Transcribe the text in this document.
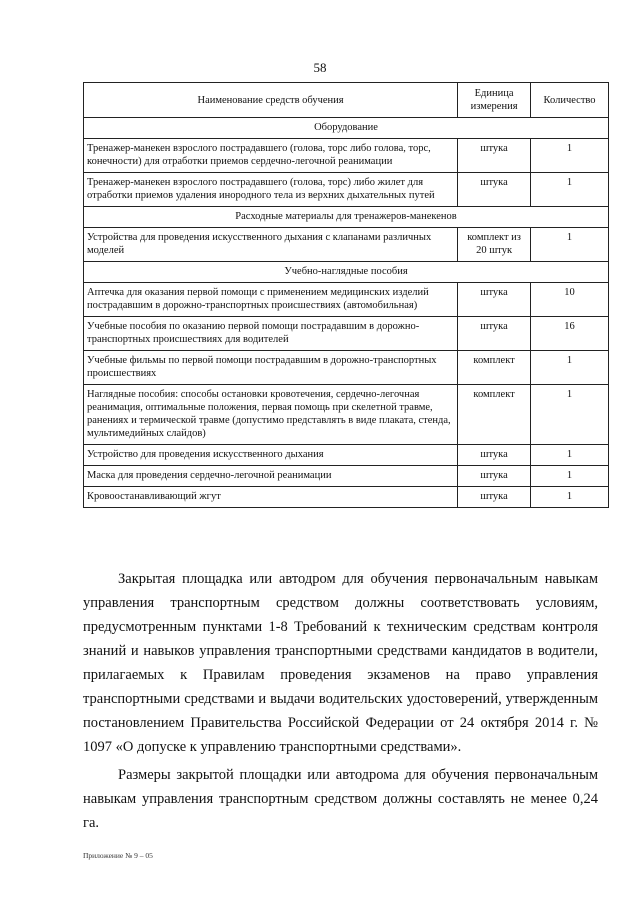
58
Наименование средств обучения	Единица измерения	Количество
Оборудование		
Тренажер-манекен взрослого пострадавшего (голова, торс либо голова, торс, конечности) для отработки приемов сердечно-легочной реанимации	штука	1
Тренажер-манекен взрослого пострадавшего (голова, торс) либо жилет для отработки приемов удаления инородного тела из верхних дыхательных путей	штука	1
Расходные материалы для тренажеров-манекенов		
Устройства для проведения искусственного дыхания с клапанами различных моделей	комплект из 20 штук	1
Учебно-наглядные пособия		
Аптечка для оказания первой помощи с применением медицинских изделий пострадавшим в дорожно-транспортных происшествиях (автомобильная)	штука	10
Учебные пособия по оказанию первой помощи пострадавшим в дорожно-транспортных происшествиях для водителей	штука	16
Учебные фильмы по первой помощи пострадавшим в дорожно-транспортных происшествиях	комплект	1
Наглядные пособия: способы остановки кровотечения, сердечно-легочная реанимация, оптимальные положения, первая помощь при скелетной травме, ранениях и термической травме (допустимо представлять в виде плаката, стенда, мультимедийных слайдов)	комплект	1
Устройство для проведения искусственного дыхания	штука	1
Маска для проведения сердечно-легочной реанимации	штука	1
Кровоостанавливающий жгут	штука	1

Закрытая площадка или автодром для обучения первоначальным навыкам управления транспортным средством должны соответствовать условиям, предусмотренным пунктами 1-8 Требований к техническим средствам контроля знаний и навыков управления транспортными средствами кандидатов в водители, прилагаемых к Правилам проведения экзаменов на право управления транспортными средствами и выдачи водительских удостоверений, утвержденным постановлением Правительства Российской Федерации от 24 октября 2014 г. № 1097 «О допуске к управлению транспортными средствами».

Размеры закрытой площадки или автодрома для обучения первоначальным навыкам управления транспортным средством должны составлять не менее 0,24 га.

Приложение № 9 – 05
